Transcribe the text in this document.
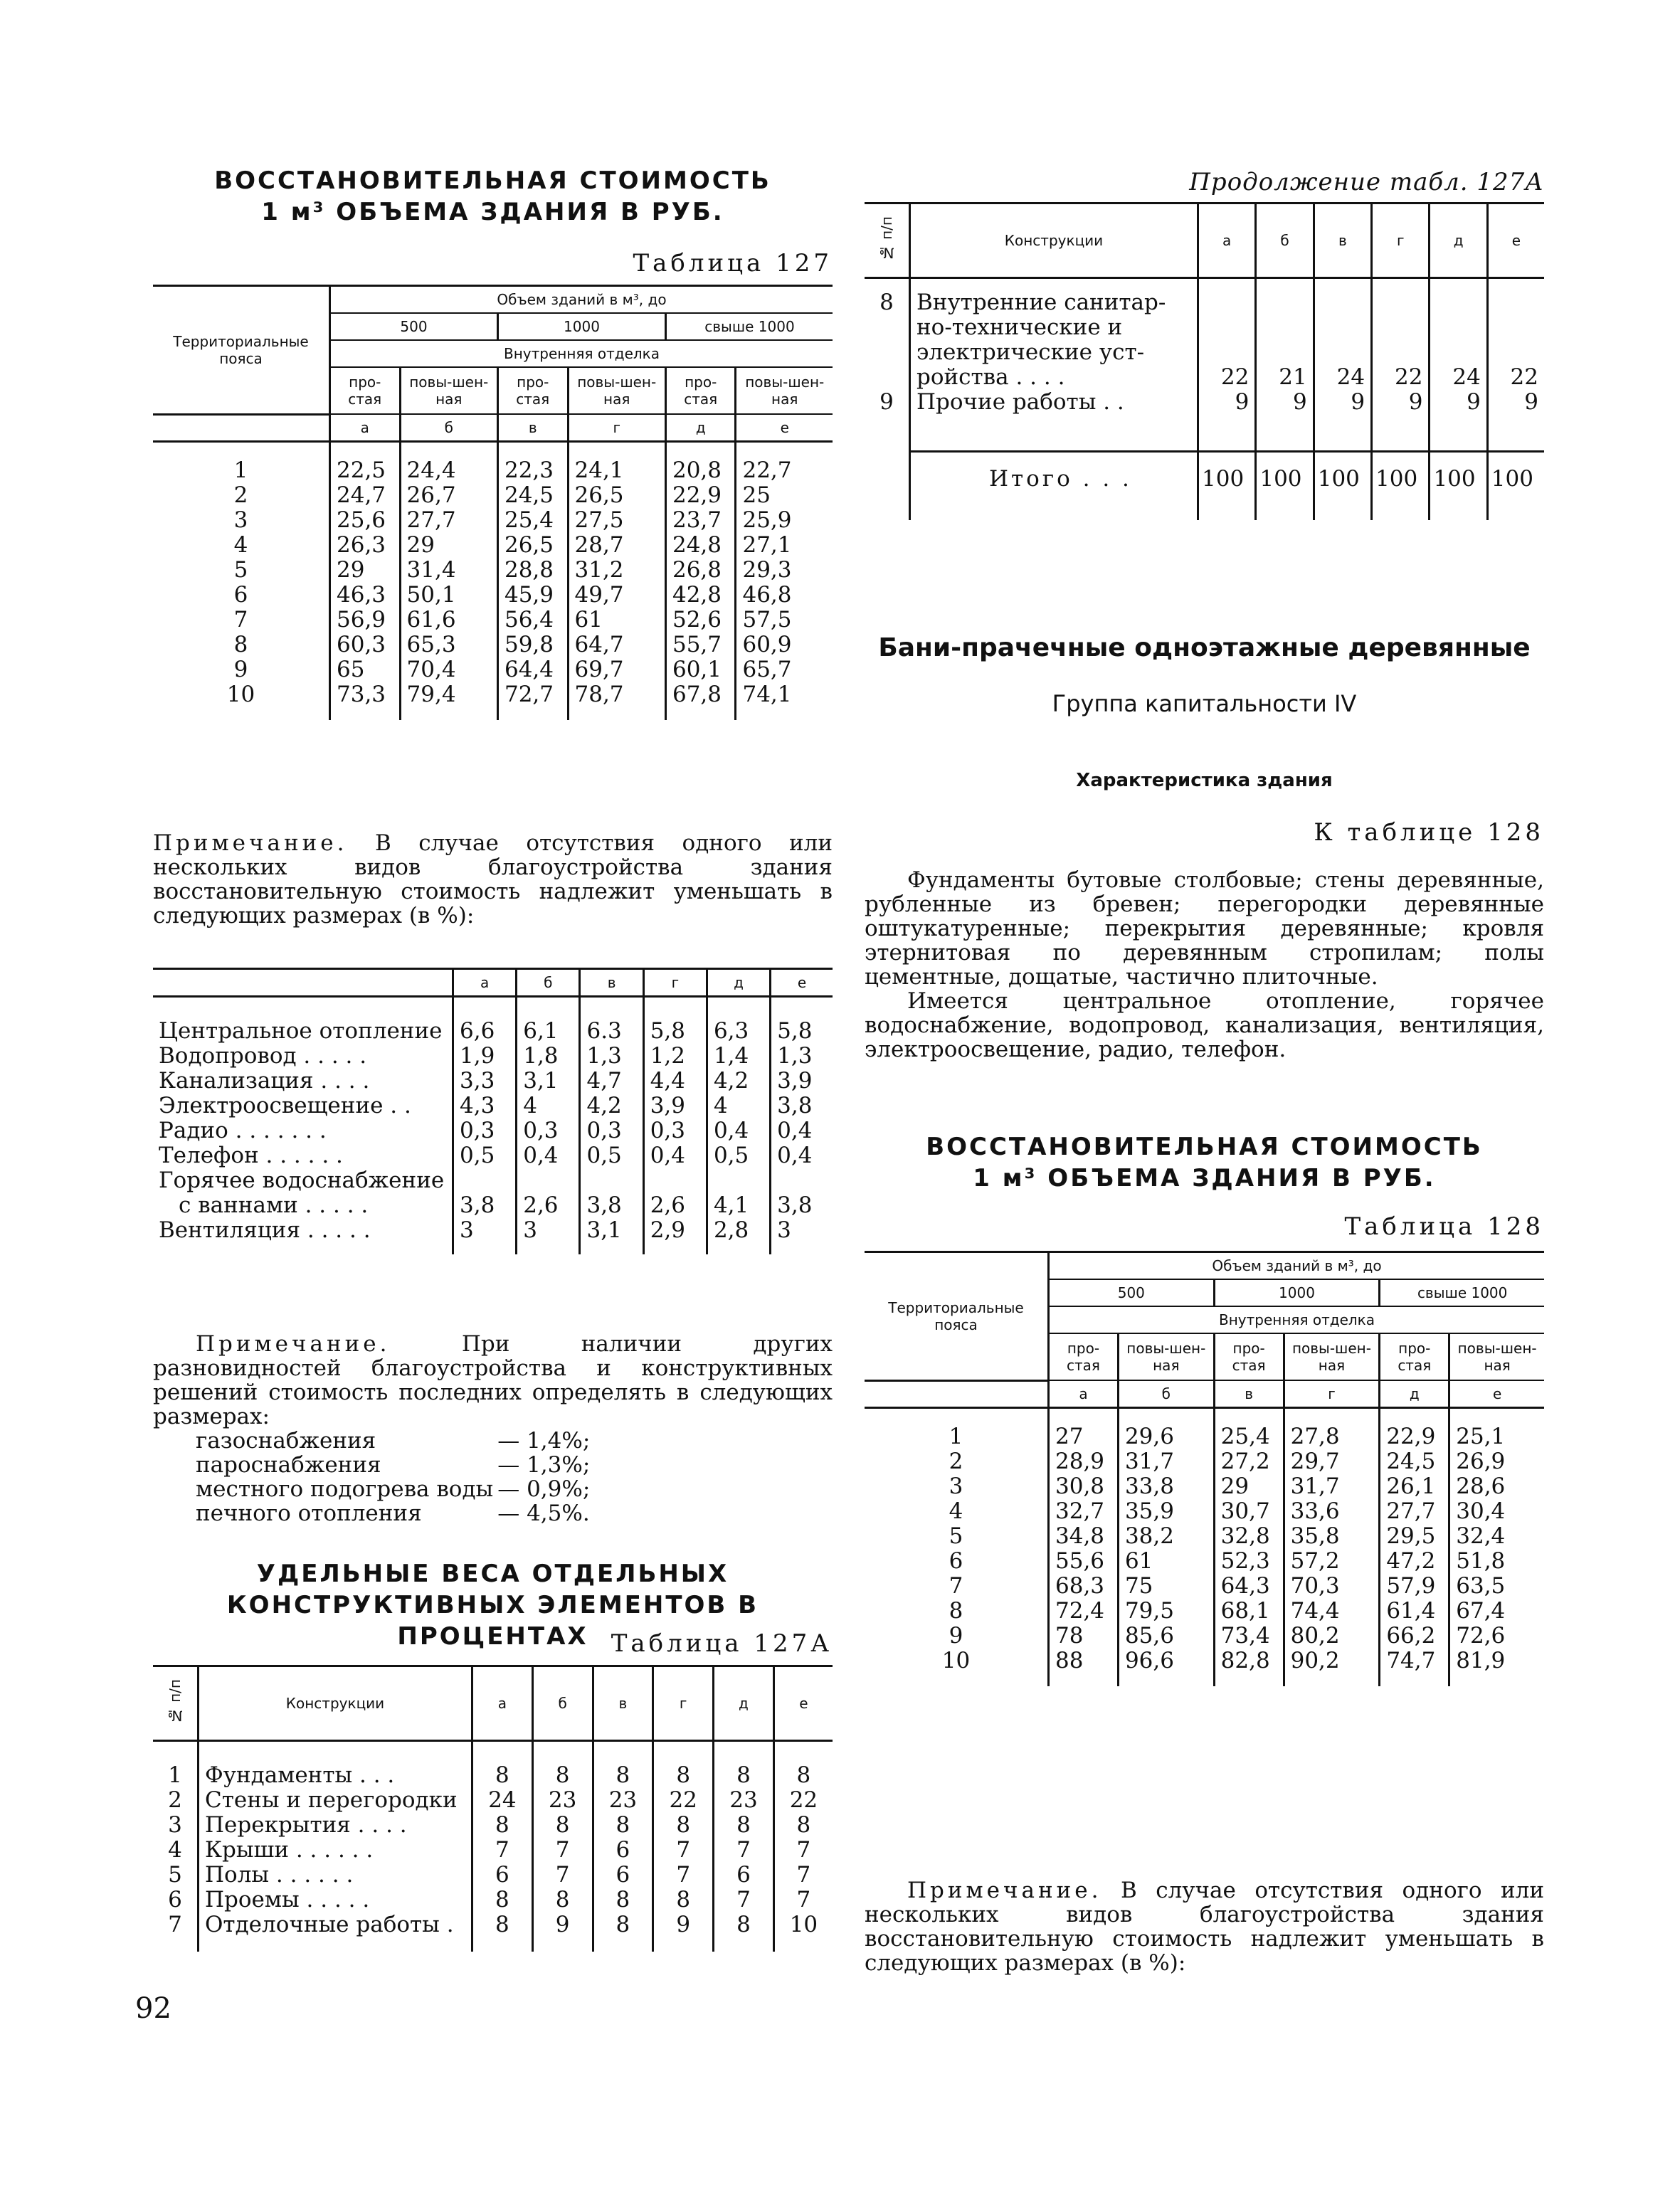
ВОССТАНОВИТЕЛЬНАЯ СТОИМОСТЬ
1 м³ ОБЪЕМА ЗДАНИЯ В РУБ.
Таблица 127
Территориальные пояса	Объем зданий в м³, до					
	500		1000		свыше 1000	
	Внутренняя отделка					
	про-стая	повы-шен-ная	про-стая	повы-шен-ная	про-стая	повы-шен-ная
	а	б	в	г	д	е
1	22,5	24,4	22,3	24,1	20,8	22,7
2	24,7	26,7	24,5	26,5	22,9	25
3	25,6	27,7	25,4	27,5	23,7	25,9
4	26,3	29	26,5	28,7	24,8	27,1
5	29	31,4	28,8	31,2	26,8	29,3
6	46,3	50,1	45,9	49,7	42,8	46,8
7	56,9	61,6	56,4	61	52,6	57,5
8	60,3	65,3	59,8	64,7	55,7	60,9
9	65	70,4	64,4	69,7	60,1	65,7
10	73,3	79,4	72,7	78,7	67,8	74,1

Примечание. В случае отсутствия одного или нескольких видов благоустройства здания восстановительную стоимость надлежит уменьшать в следующих размерах (в %):

	а	б	в	г	д	е
Центральное отопление	6,6	6,1	6.3	5,8	6,3	5,8
Водопровод . . . . .	1,9	1,8	1,3	1,2	1,4	1,3
Канализация . . . .	3,3	3,1	4,7	4,4	4,2	3,9
Электроосвещение . .	4,3	4	4,2	3,9	4	3,8
Радио . . . . . . .	0,3	0,3	0,3	0,3	0,4	0,4
Телефон . . . . . .	0,5	0,4	0,5	0,4	0,5	0,4
Горячее водоснабжение						
с ваннами . . . . .	3,8	2,6	3,8	2,6	4,1	3,8
Вентиляция . . . . .	3	3	3,1	2,9	2,8	3

Примечание.	При наличии других разновидностей благоустройства и конструктивных решений стоимость последних определять в следующих размерах:

газоснабжения	— 1,4%;
пароснабжения	— 1,3%;
местного подогрева воды	— 0,9%;
печного отопления	— 4,5%.
УДЕЛЬНЫЕ ВЕСА ОТДЕЛЬНЫХ
КОНСТРУКТИВНЫХ ЭЛЕМЕНТОВ В ПРОЦЕНТАХ Таблица 127А
№ п/п	Конструкции	а	б	в	г	д	е
1	Фундаменты . . .	8	8	8	8	8	8
2	Стены и перегородки	24	23	23	22	23	22
3	Перекрытия . . . .	8	8	8	8	8	8
4	Крыши . . . . . .	7	7	6	7	7	7
5	Полы . . . . . .	6	7	6	7	6	7
6	Проемы . . . . .	8	8	8	8	7	7
7	Отделочные работы .	8	9	8	9	8	10
92
Продолжение табл. 127А
№ п/п	Конструкции	а	б	в	г	д	е
8	Внутренние санитар-
но-технические и
электрические уст-
ройства . . . .	22	21	24	22	24	22
9	Прочие работы . .	9	9	9	9	9	9
	Итого . . .	100	100	100	100	100	100
Бани-прачечные одноэтажные деревянные
Группа капитальности IV
Характеристика здания
К таблице 128

Фундаменты бутовые столбовые; стены деревянные, рубленные из бревен; перегородки деревянные оштукатуренные; перекрытия деревянные; кровля этернитовая по деревянным стропилам; полы цементные, дощатые, частично плиточные.

Имеется центральное отопление, горячее водоснабжение, водопровод, канализация, вентиляция, электроосвещение, радио, телефон.

ВОССТАНОВИТЕЛЬНАЯ СТОИМОСТЬ
1 м³ ОБЪЕМА ЗДАНИЯ В РУБ.
Таблица 128
Территориальные пояса	Объем зданий в м³, до					
	500		1000		свыше 1000	
	Внутренняя отделка					
	про-стая	повы-шен-ная	про-стая	повы-шен-ная	про-стая	повы-шен-ная
	а	б	в	г	д	е
1	27	29,6	25,4	27,8	22,9	25,1
2	28,9	31,7	27,2	29,7	24,5	26,9
3	30,8	33,8	29	31,7	26,1	28,6
4	32,7	35,9	30,7	33,6	27,7	30,4
5	34,8	38,2	32,8	35,8	29,5	32,4
6	55,6	61	52,3	57,2	47,2	51,8
7	68,3	75	64,3	70,3	57,9	63,5
8	72,4	79,5	68,1	74,4	61,4	67,4
9	78	85,6	73,4	80,2	66,2	72,6
10	88	96,6	82,8	90,2	74,7	81,9

Примечание. В случае отсутствия одного или нескольких видов благоустройства здания восстановительную стоимость надлежит уменьшать в следующих размерах (в %):
